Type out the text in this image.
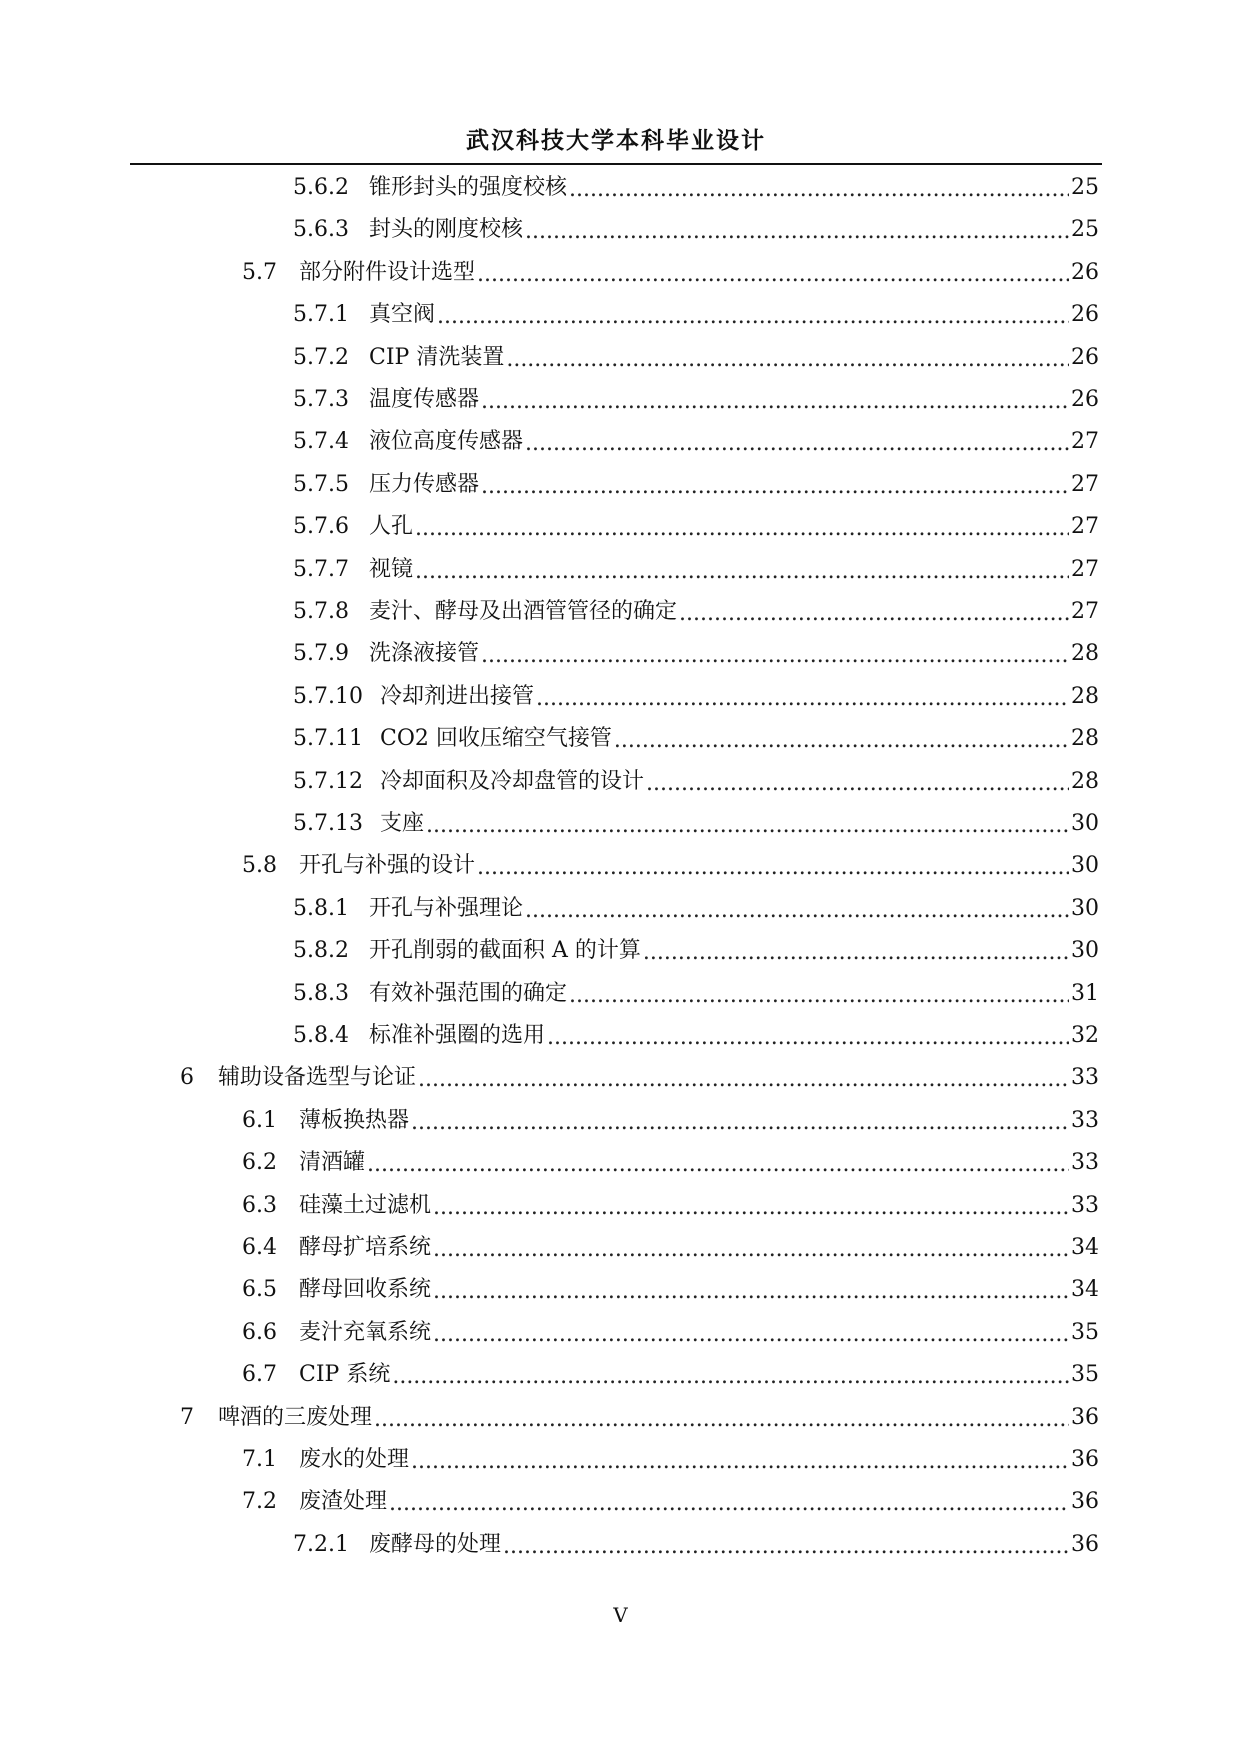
武汉科技大学本科毕业设计
5.6.2 锥形封头的强度校核 .....	25
5.6.3 封头的刚度校核 .....	25
5.7	部分附件设计选型 .....	26
5.7.1 真空阀 .....	26
5.7.2 CIP 清洗装置 .....	26
5.7.3 温度传感器 .....	26
5.7.4 液位高度传感器 .....	27
5.7.5 压力传感器 .....	27
5.7.6 人孔 .....	27
5.7.7 视镜 .....	27
5.7.8 麦汁、酵母及出酒管管径的确定 .....	27
5.7.9 洗涤液接管 .....	28
5.7.10 冷却剂进出接管 .....	28
5.7.11 CO2 回收压缩空气接管 .....	28
5.7.12 冷却面积及冷却盘管的设计 .....	28
5.7.13 支座 .....	30
5.8	开孔与补强的设计 .....	30
5.8.1 开孔与补强理论 .....	30
5.8.2 开孔削弱的截面积 A 的计算 .....	30
5.8.3 有效补强范围的确定 .....	31
5.8.4 标准补强圈的选用 .....	32
6	辅助设备选型与论证 .....	33
6.1	薄板换热器 .....	33
6.2	清酒罐 .....	33
6.3	硅藻土过滤机 .....	33
6.4	酵母扩培系统 .....	34
6.5	酵母回收系统 .....	34
6.6	麦汁充氧系统 .....	35
6.7	CIP 系统 .....	35
7	啤酒的三废处理 .....	36
7.1	废水的处理 .....	36
7.2	废渣处理 .....	36
7.2.1 废酵母的处理 .....	36
V
